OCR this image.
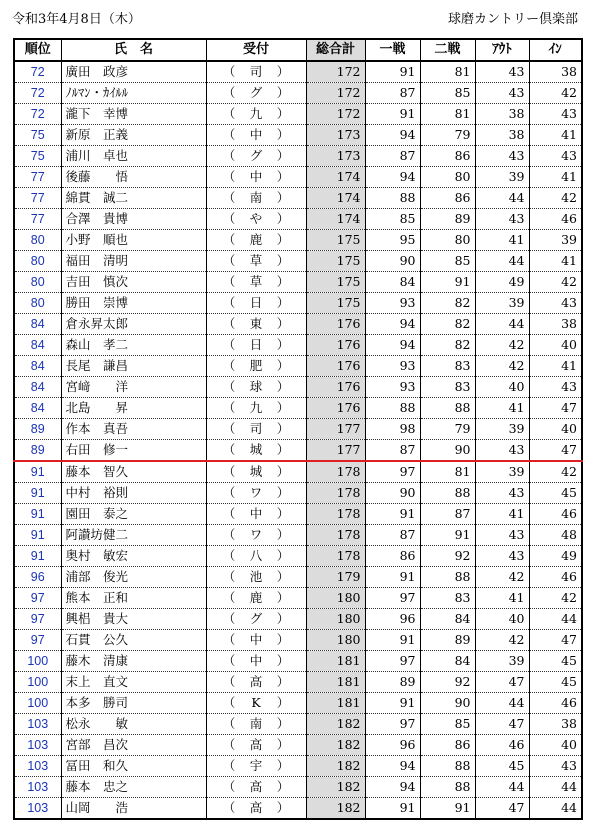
令和3年4月8日（木）	球磨カントリー倶楽部
順位	氏　名	受付	総合計	一戦	二戦	ｱｳﾄ	ｲﾝ
72	廣田　政彦	（ 司 ）	172	91	81	43	38
72	ﾉﾙﾏﾝ・ｶｲﾙﾙ	（ グ ）	172	87	85	43	42
72	瀧下　幸博	（ 九 ）	172	91	81	38	43
75	新原　正義	（ 中 ）	173	94	79	38	41
75	浦川　卓也	（ グ ）	173	87	86	43	43
77	後藤　　悟	（ 中 ）	174	94	80	39	41
77	綿貫　誠二	（ 南 ）	174	88	86	44	42
77	合澤　貴博	（ や ）	174	85	89	43	46
80	小野　順也	（ 鹿 ）	175	95	80	41	39
80	福田　清明	（ 草 ）	175	90	85	44	41
80	吉田　慎次	（ 草 ）	175	84	91	49	42
80	勝田　崇博	（ 日 ）	175	93	82	39	43
84	倉永昇太郎	（ 東 ）	176	94	82	44	38
84	森山　孝二	（ 日 ）	176	94	82	42	40
84	長尾　謙昌	（ 肥 ）	176	93	83	42	41
84	宮﨑　　洋	（ 球 ）	176	93	83	40	43
84	北島　　昇	（ 九 ）	176	88	88	41	47
89	作本　真吾	（ 司 ）	177	98	79	39	40
89	右田　修一	（ 城 ）	177	87	90	43	47
91	藤本　智久	（ 城 ）	178	97	81	39	42
91	中村　裕則	（ ワ ）	178	90	88	43	45
91	園田　泰之	（ 中 ）	178	91	87	41	46
91	阿讃坊健二	（ ワ ）	178	87	91	43	48
91	奥村　敏宏	（ 八 ）	178	86	92	43	49
96	浦部　俊光	（ 池 ）	179	91	88	42	46
97	熊本　正和	（ 鹿 ）	180	97	83	41	42
97	興梠　貴大	（ グ ）	180	96	84	40	44
97	石貫　公久	（ 中 ）	180	91	89	42	47
100	藤木　清康	（ 中 ）	181	97	84	39	45
100	末上　直文	（ 高 ）	181	89	92	47	45
100	本多　勝司	（ K ）	181	91	90	44	46
103	松永　　敏	（ 南 ）	182	97	85	47	38
103	宮部　昌次	（ 高 ）	182	96	86	46	40
103	冨田　和久	（ 宇 ）	182	94	88	45	43
103	藤本　忠之	（ 高 ）	182	94	88	44	44
103	山岡　　浩	（ 高 ）	182	91	91	47	44
